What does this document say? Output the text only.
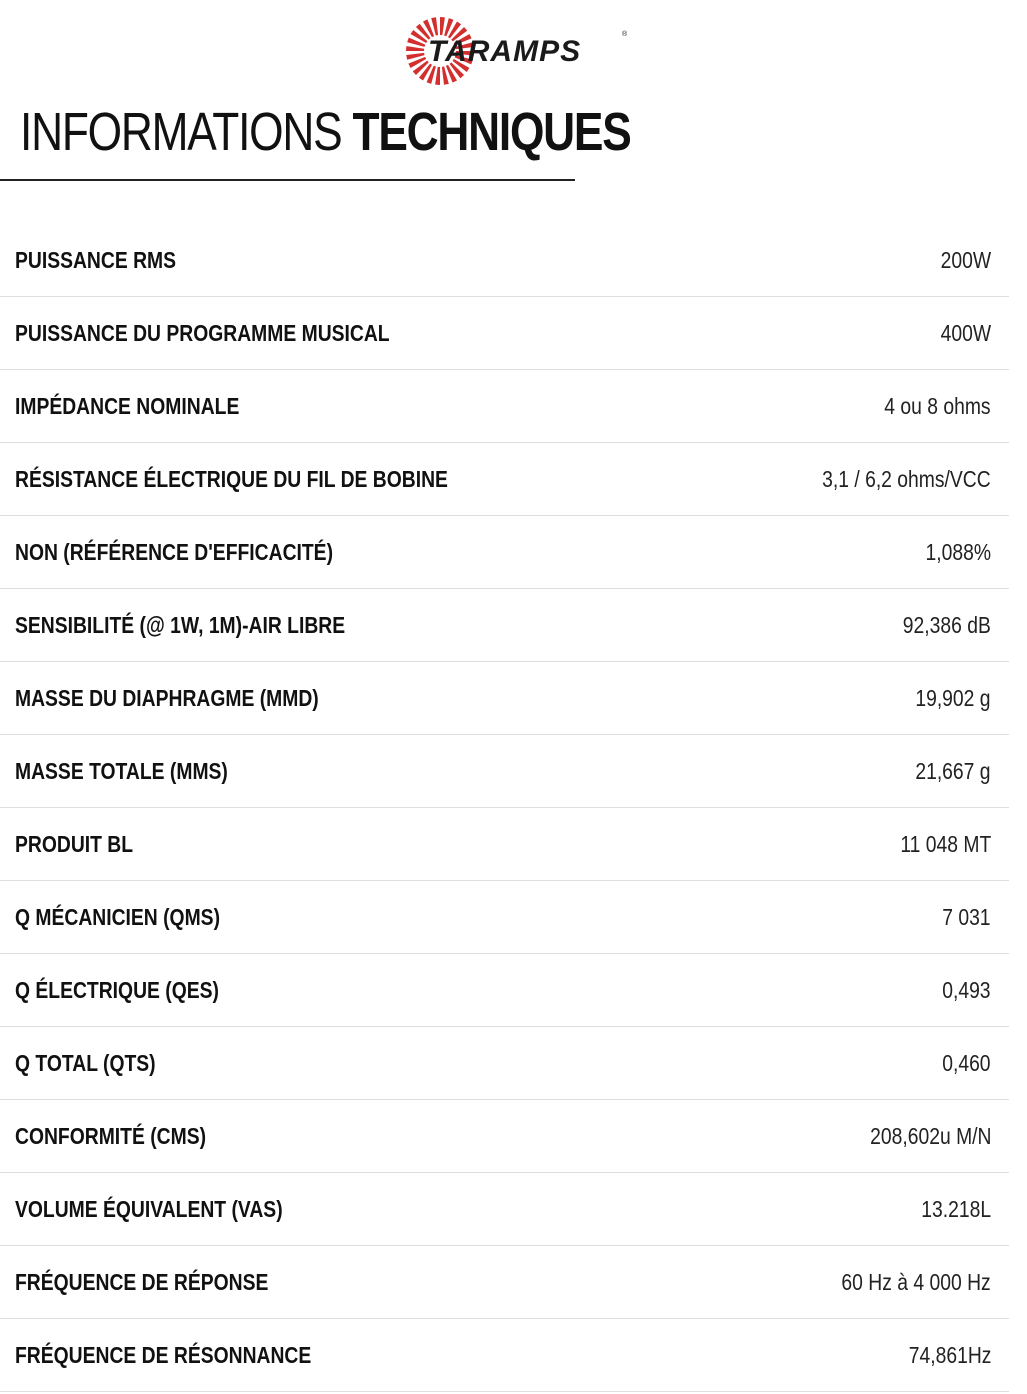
TARAMPS
®
INFORMATIONS TECHNIQUES
PUISSANCE RMS	200W
PUISSANCE DU PROGRAMME MUSICAL	400W
IMPÉDANCE NOMINALE	4 ou 8 ohms
RÉSISTANCE ÉLECTRIQUE DU FIL DE BOBINE	3,1 / 6,2 ohms/VCC
NON (RÉFÉRENCE D'EFFICACITÉ)	1,088%
SENSIBILITÉ (@ 1W, 1M)-AIR LIBRE	92,386 dB
MASSE DU DIAPHRAGME (MMD)	19,902 g
MASSE TOTALE (MMS)	21,667 g
PRODUIT BL	11 048 MT
Q MÉCANICIEN (QMS)	7 031
Q ÉLECTRIQUE (QES)	0,493
Q TOTAL (QTS)	0,460
CONFORMITÉ (CMS)	208,602u M/N
VOLUME ÉQUIVALENT (VAS)	13.218L
FRÉQUENCE DE RÉPONSE	60 Hz à 4 000 Hz
FRÉQUENCE DE RÉSONNANCE	74,861Hz
